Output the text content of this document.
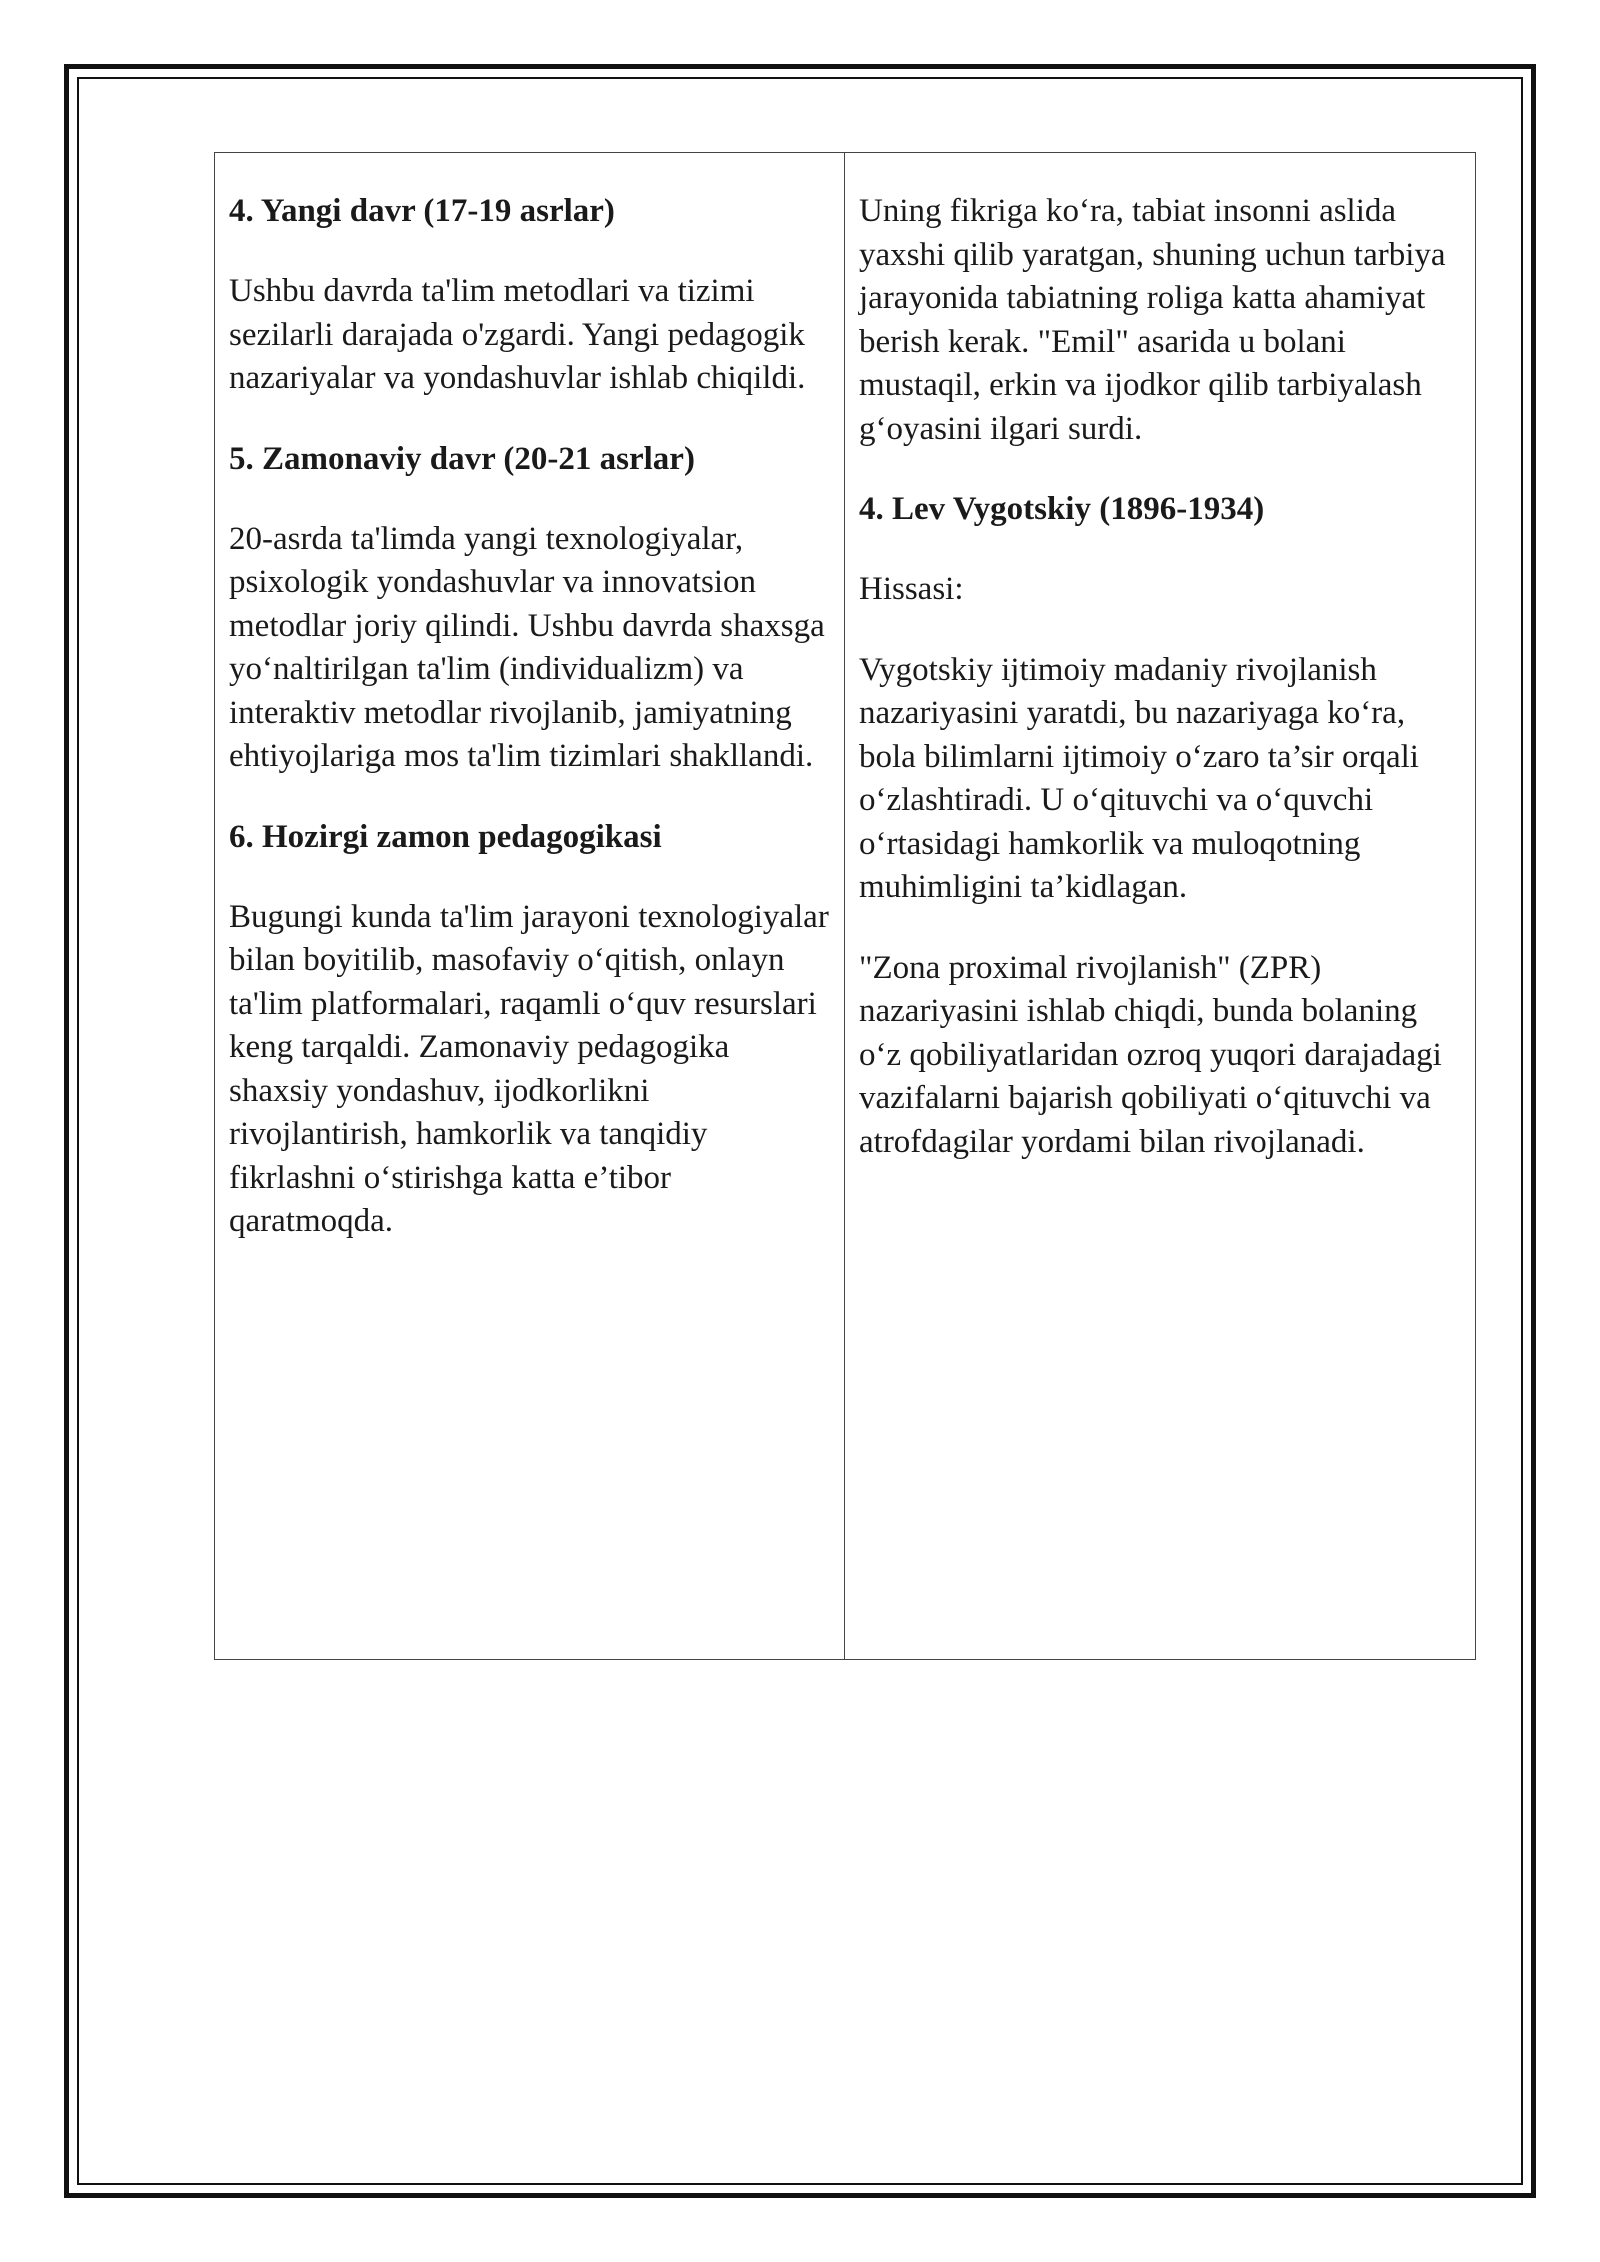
4. Yangi davr (17-19 asrlar)

Ushbu davrda ta'lim metodlari va tizimi sezilarli darajada o'zgardi. Yangi pedagogik nazariyalar va yondashuvlar ishlab chiqildi.

5. Zamonaviy davr (20-21 asrlar)

20-asrda ta'limda yangi texnologiyalar, psixologik yondashuvlar va innovatsion metodlar joriy qilindi. Ushbu davrda shaxsga yo‘naltirilgan ta'lim (individualizm) va interaktiv metodlar rivojlanib, jamiyatning ehtiyojlariga mos ta'lim tizimlari shakllandi.

6. Hozirgi zamon pedagogikasi

Bugungi kunda ta'lim jarayoni texnologiyalar bilan boyitilib, masofaviy o‘qitish, onlayn ta'lim platformalari, raqamli o‘quv resurslari keng tarqaldi. Zamonaviy pedagogika shaxsiy yondashuv, ijodkorlikni rivojlantirish, hamkorlik va tanqidiy fikrlashni o‘stirishga katta e’tibor qaratmoqda.

Uning fikriga ko‘ra, tabiat insonni aslida yaxshi qilib yaratgan, shuning uchun tarbiya jarayonida tabiatning roliga katta ahamiyat berish kerak. "Emil" asarida u bolani mustaqil, erkin va ijodkor qilib tarbiyalash g‘oyasini ilgari surdi.

4. Lev Vygotskiy (1896-1934)

Hissasi:

Vygotskiy ijtimoiy madaniy rivojlanish nazariyasini yaratdi, bu nazariyaga ko‘ra, bola bilimlarni ijtimoiy o‘zaro ta’sir orqali o‘zlashtiradi. U o‘qituvchi va o‘quvchi o‘rtasidagi hamkorlik va muloqotning muhimligini ta’kidlagan.

"Zona proximal rivojlanish" (ZPR) nazariyasini ishlab chiqdi, bunda bolaning o‘z qobiliyatlaridan ozroq yuqori darajadagi vazifalarni bajarish qobiliyati o‘qituvchi va atrofdagilar yordami bilan rivojlanadi.
